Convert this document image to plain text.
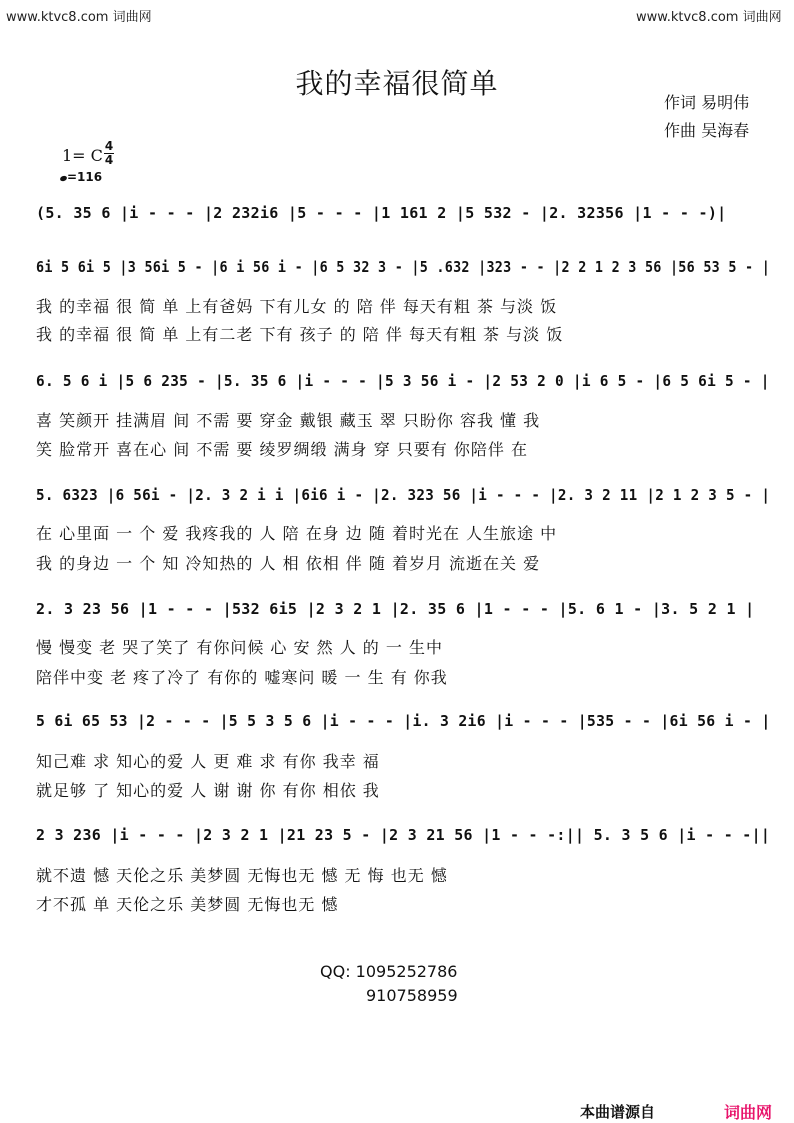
www.ktvc8.com 词曲网	www.ktvc8.com 词曲网
我的幸福很简单
作词 易明伟
作曲 吴海春
1= C 4
4
=116
(5. 35 6 |i - - - |2 232i6 |5 - - - |1 161 2 |5 532 - |2. 32356 |1 - - -)|
6i 5 6i 5 |3 56i 5 - |6 i 56 i - |6 5 32 3 - |5 .632 |323 - - |2 2 1 2 3 56 |56 53 5 - |
我 的幸福 很 简 单 上有爸妈 下有儿女 的 陪 伴 每天有粗 茶 与淡 饭
我 的幸福 很 简 单 上有二老 下有 孩子 的 陪 伴 每天有粗 茶 与淡 饭
6. 5 6 i |5 6 235 - |5. 35 6 |i - - - |5 3 56 i - |2 53 2 0 |i 6 5 - |6 5 6i 5 - |
喜 笑颜开 挂满眉 间 不需 要 穿金 戴银 藏玉 翠 只盼你 容我 懂 我
笑 脸常开 喜在心 间 不需 要 绫罗绸缎 满身 穿 只要有 你陪伴 在
5. 6323 |6 56i - |2. 3 2 i i |6i6 i - |2. 323 56 |i - - - |2. 3 2 11 |2 1 2 3 5 - |
在 心里面 一 个 爱 我疼我的 人 陪 在身 边 随 着时光在 人生旅途 中
我 的身边 一 个 知 冷知热的 人 相 依相 伴 随 着岁月 流逝在关 爱
2. 3 23 56 |1 - - - |532 6i5 |2 3 2 1 |2. 35 6 |1 - - - |5. 6 1 - |3. 5 2 1 |
慢 慢变 老 哭了笑了 有你问候 心 安 然 人 的 一 生中
陪伴中变 老 疼了冷了 有你的 嘘寒问 暖 一 生 有 你我
5 6i 65 53 |2 - - - |5 5 3 5 6 |i - - - |i. 3 2i6 |i - - - |535 - - |6i 56 i - |
知己难 求 知心的爱 人 更 难 求 有你 我幸 福
就足够 了 知心的爱 人 谢 谢 你 有你 相依 我
2 3 236 |i - - - |2 3 2 1 |21 23 5 - |2 3 21 56 |1 - - -:|| 5. 3 5 6 |i - - -||
就不遗 憾 天伦之乐 美梦圆 无悔也无 憾 无 悔 也无 憾
才不孤 单 天伦之乐 美梦圆 无悔也无 憾
QQ: 1095252786
910758959
本曲谱源自	词曲网
